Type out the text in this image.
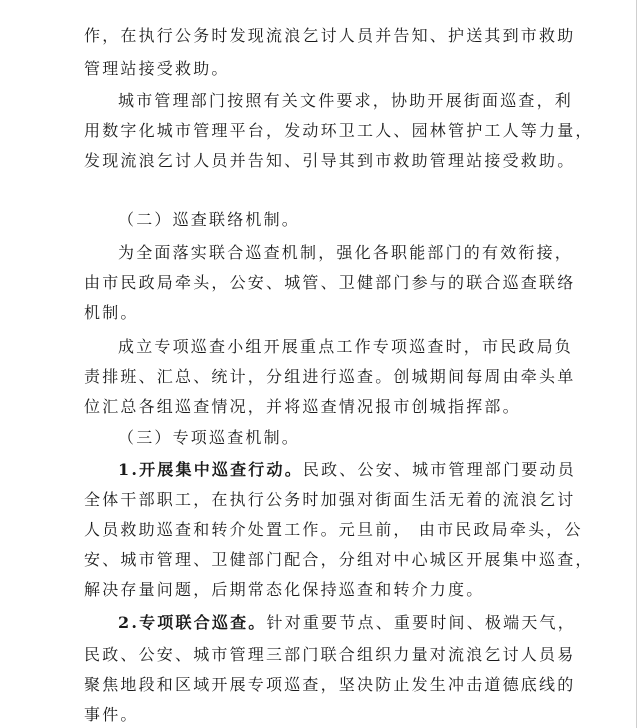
作，在执行公务时发现流浪乞讨人员并告知、护送其到市救助
管理站接受救助。
城市管理部门按照有关文件要求，协助开展街面巡查，利
用数字化城市管理平台，发动环卫工人、园林管护工人等力量，
发现流浪乞讨人员并告知、引导其到市救助管理站接受救助。
（二）巡查联络机制。
为全面落实联合巡查机制，强化各职能部门的有效衔接，
由市民政局牵头，公安、城管、卫健部门参与的联合巡查联络
机制。
成立专项巡查小组开展重点工作专项巡查时，市民政局负
责排班、汇总、统计，分组进行巡查。创城期间每周由牵头单
位汇总各组巡查情况，并将巡查情况报市创城指挥部。
（三）专项巡查机制。
1.开展集中巡查行动。民政、公安、城市管理部门要动员
全体干部职工，在执行公务时加强对街面生活无着的流浪乞讨
人员救助巡查和转介处置工作。元旦前， 由市民政局牵头，公
安、城市管理、卫健部门配合，分组对中心城区开展集中巡查，
解决存量问题，后期常态化保持巡查和转介力度。
2.专项联合巡查。针对重要节点、重要时间、极端天气，
民政、公安、城市管理三部门联合组织力量对流浪乞讨人员易
聚焦地段和区域开展专项巡查，坚决防止发生冲击道德底线的
事件。
